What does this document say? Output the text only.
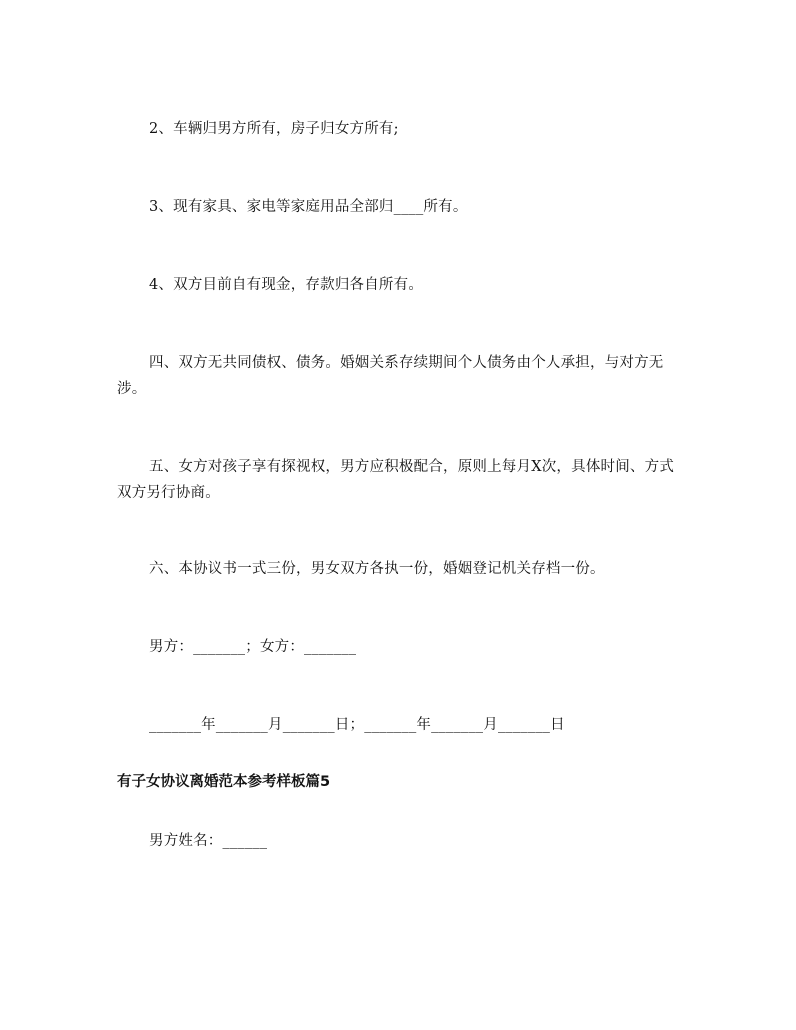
2、车辆归男方所有，房子归女方所有;

3、现有家具、家电等家庭用品全部归____所有。

4、双方目前自有现金，存款归各自所有。

四、双方无共同债权、债务。婚姻关系存续期间个人债务由个人承担，与对方无涉。

五、女方对孩子享有探视权，男方应积极配合，原则上每月X次，具体时间、方式双方另行协商。

六、本协议书一式三份，男女双方各执一份，婚姻登记机关存档一份。

男方：_______；女方：_______

_______年_______月_______日；_______年_______月_______日

有子女协议离婚范本参考样板篇5

男方姓名：______
